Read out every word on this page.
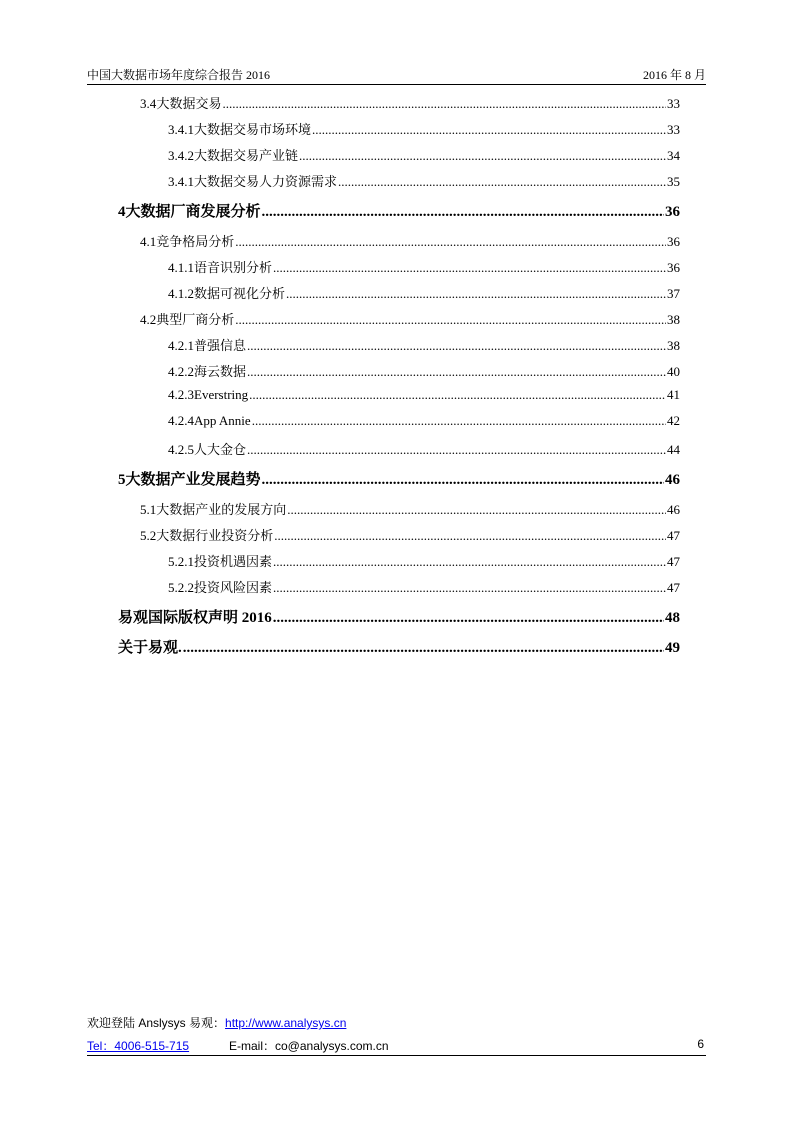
中国大数据市场年度综合报告 2016	2016 年 8 月
3.4 大数据交易 .....	33
3.4.1 大数据交易市场环境 .....	33
3.4.2 大数据交易产业链 .....	34
3.4.1 大数据交易人力资源需求 .....	35
4 大数据厂商发展分析 .....	36
4.1 竞争格局分析 .....	36
4.1.1 语音识别分析 .....	36
4.1.2 数据可视化分析 .....	37
4.2 典型厂商分析 .....	38
4.2.1 普强信息 .....	38
4.2.2 海云数据 .....	40
4.2.3 Everstring .....	41
4.2.4 App Annie .....	42
4.2.5 人大金仓 .....	44
5 大数据产业发展趋势 .....	46
5.1 大数据产业的发展方向 .....	46
5.2 大数据行业投资分析 .....	47
5.2.1 投资机遇因素 .....	47
5.2.2 投资风险因素 .....	47
易观国际版权声明 2016 .....	48
关于易观. .....	49
欢迎登陆 Anslysys 易观：http://www.analysys.cn
Tel：4006-515-715	E-mail：co@analysys.com.cn	6
